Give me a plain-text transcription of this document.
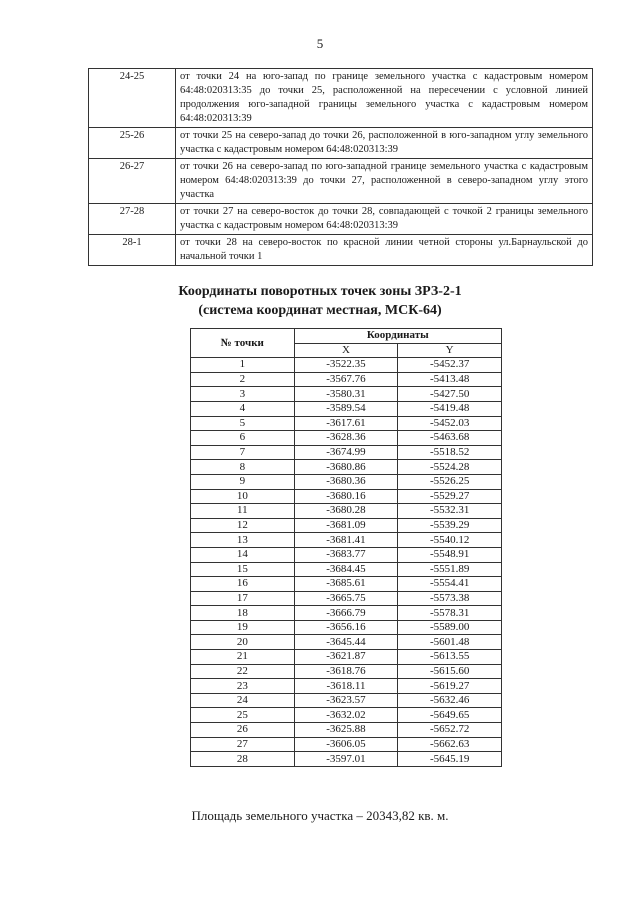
5
24-25	от точки 24 на юго-запад по границе земельного участка с кадастровым номером 64:48:020313:35 до точки 25, расположенной на пересечении с условной линией продолжения юго-западной границы земельного участка с кадастровым номером 64:48:020313:39
25-26	от точки 25 на северо-запад до точки 26, расположенной в юго-западном углу земельного участка с кадастровым номером 64:48:020313:39
26-27	от точки 26 на северо-запад по юго-западной границе земельного участка с кадастровым номером 64:48:020313:39 до точки 27, расположенной в северо-западном углу этого участка
27-28	от точки 27 на северо-восток до точки 28, совпадающей с точкой 2 границы земельного участка с кадастровым номером 64:48:020313:39
28-1	от точки 28 на северо-восток по красной линии четной стороны ул.Барнаульской до начальной точки 1
Координаты поворотных точек зоны ЗРЗ-2-1
(система координат местная, МСК-64)
№ точки	Координаты	
	X	Y
1	-3522.35	-5452.37
2	-3567.76	-5413.48
3	-3580.31	-5427.50
4	-3589.54	-5419.48
5	-3617.61	-5452.03
6	-3628.36	-5463.68
7	-3674.99	-5518.52
8	-3680.86	-5524.28
9	-3680.36	-5526.25
10	-3680.16	-5529.27
11	-3680.28	-5532.31
12	-3681.09	-5539.29
13	-3681.41	-5540.12
14	-3683.77	-5548.91
15	-3684.45	-5551.89
16	-3685.61	-5554.41
17	-3665.75	-5573.38
18	-3666.79	-5578.31
19	-3656.16	-5589.00
20	-3645.44	-5601.48
21	-3621.87	-5613.55
22	-3618.76	-5615.60
23	-3618.11	-5619.27
24	-3623.57	-5632.46
25	-3632.02	-5649.65
26	-3625.88	-5652.72
27	-3606.05	-5662.63
28	-3597.01	-5645.19
Площадь земельного участка – 20343,82 кв. м.
